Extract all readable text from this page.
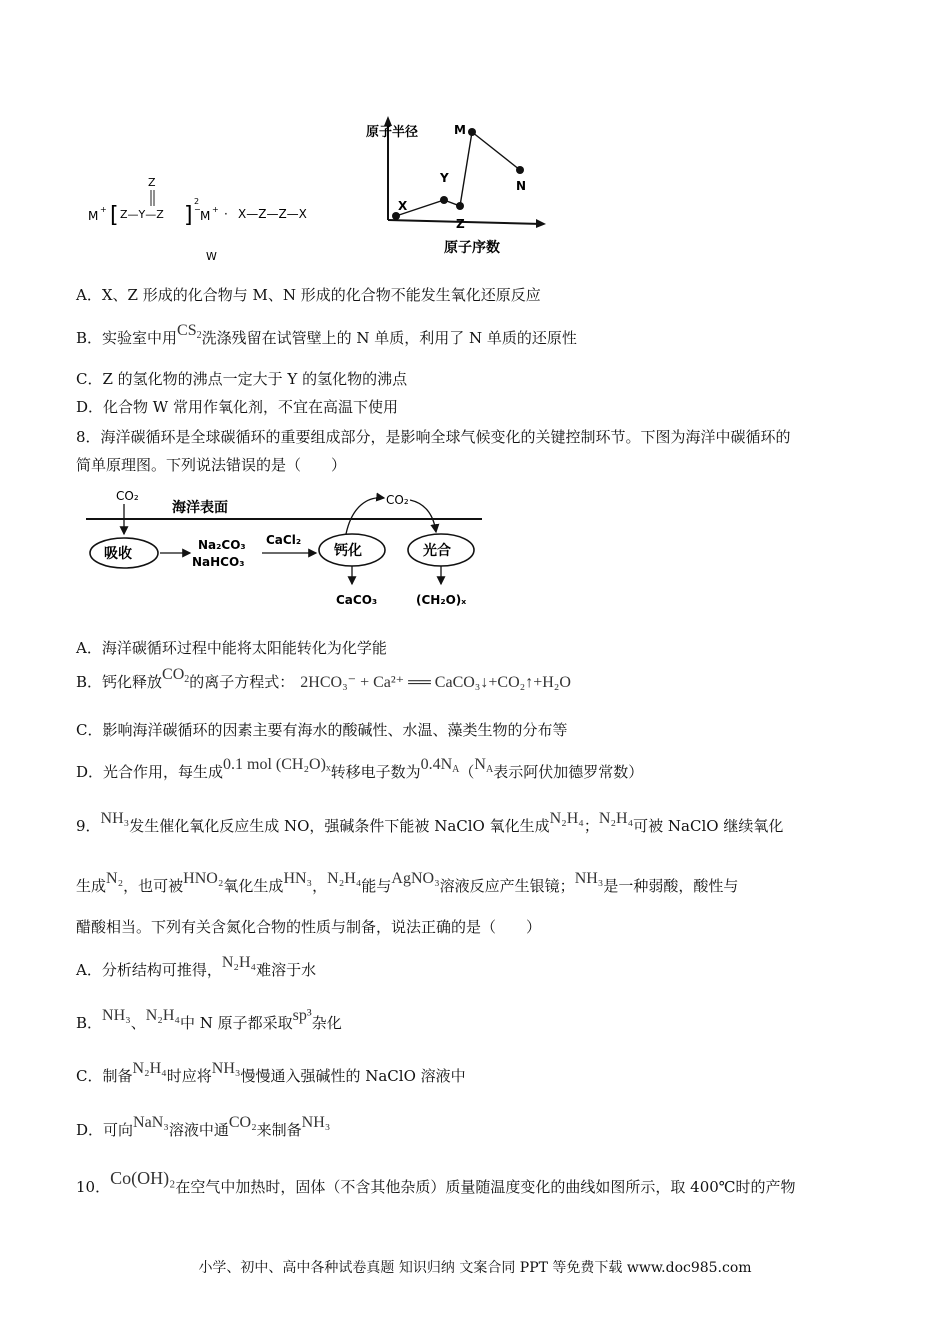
M + [
Z
Z—Y—Z ]
2
− M + · X—Z—Z—X
W
原子半径
原子序数
X
Y
Z
M
N
A．X、Z 形成的化合物与 M、N 形成的化合物不能发生氧化还原反应
B．实验室中用CS2洗涤残留在试管壁上的 N 单质，利用了 N 单质的还原性
C．Z 的氢化物的沸点一定大于 Y 的氢化物的沸点
D．化合物 W 常用作氧化剂，不宜在高温下使用
8．海洋碳循环是全球碳循环的重要组成部分，是影响全球气候变化的关键控制环节。下图为海洋中碳循环的
简单原理图。下列说法错误的是（　　）
CO₂
海洋表面
吸收
Na₂CO₃
NaHCO₃
CaCl₂
钙化
CO₂
光合
CaCO₃	(CH₂O)ₓ
A．海洋碳循环过程中能将太阳能转化为化学能
B．钙化释放CO2的离子方程式： 2HCO₃⁻ + Ca²⁺ ══ CaCO₃↓+CO₂↑+H₂O
C．影响海洋碳循环的因素主要有海水的酸碱性、水温、藻类生物的分布等
D．光合作用，每生成0.1 mol (CH₂O)ₓ转移电子数为0.4NA（NA表示阿伏加德罗常数）
9．NH₃发生催化氧化反应生成 NO，强碱条件下能被 NaClO 氧化生成N₂H₄；N₂H₄可被 NaClO 继续氧化
生成N₂，也可被HNO₂氧化生成HN₃，N₂H₄能与AgNO₃溶液反应产生银镜；NH₃是一种弱酸，酸性与
醋酸相当。下列有关含氮化合物的性质与制备，说法正确的是（　　）
A．分析结构可推得，N₂H₄难溶于水
B．NH₃、N₂H₄中 N 原子都采取sp³杂化
C．制备N₂H₄时应将NH₃慢慢通入强碱性的 NaClO 溶液中
D．可向NaN₃溶液中通CO₂来制备NH₃
10．Co(OH)₂在空气中加热时，固体（不含其他杂质）质量随温度变化的曲线如图所示，取 400℃时的产物
小学、初中、高中各种试卷真题 知识归纳 文案合同 PPT 等免费下载 www.doc985.com
